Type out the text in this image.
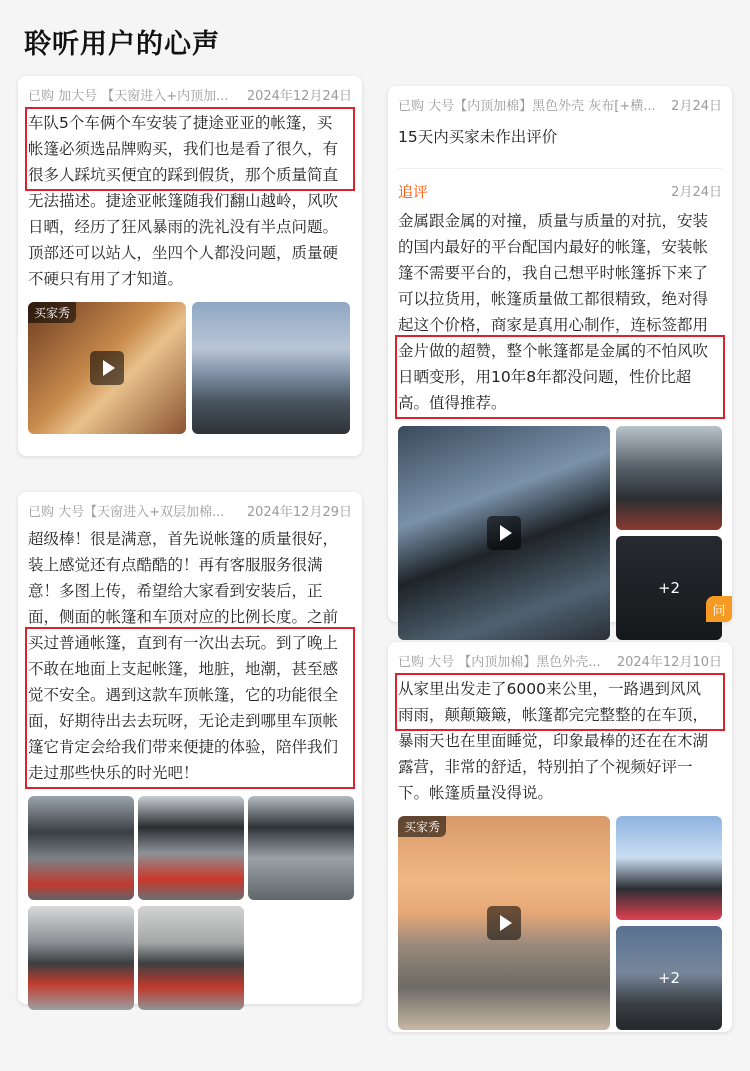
聆听用户的心声
已购 加大号 【天窗进入+内顶加... 2024年12月24日
车队5个车俩个车安装了捷途亚亚的帐篷，买
帐篷必须选品牌购买，我们也是看了很久，有
很多人踩坑买便宜的踩到假货，那个质量简直
无法描述。捷途亚帐篷随我们翻山越岭，风吹
日晒，经历了狂风暴雨的洗礼没有半点问题。
顶部还可以站人，坐四个人都没问题，质量硬
不硬只有用了才知道。
买家秀
已购 大号【内顶加棉】黑色外壳 灰布[+横... 2月24日
15天内买家未作出评价
追评	2月24日
金属跟金属的对撞，质量与质量的对抗，安装
的国内最好的平台配国内最好的帐篷，安装帐
篷不需要平台的，我自己想平时帐篷拆下来了
可以拉货用，帐篷质量做工都很精致，绝对得
起这个价格，商家是真用心制作，连标签都用
金片做的超赞，整个帐篷都是金属的不怕风吹
日晒变形，用10年8年都没问题，性价比超
高。值得推荐。
+2
问
已购 大号【天窗进入+双层加棉... 2024年12月29日
超级棒！很是满意，首先说帐篷的质量很好，
装上感觉还有点酷酷的！再有客服服务很满
意！多图上传，希望给大家看到安装后，正
面，侧面的帐篷和车顶对应的比例长度。之前
买过普通帐篷，直到有一次出去玩。到了晚上
不敢在地面上支起帐篷，地脏，地潮，甚至感
觉不安全。遇到这款车顶帐篷，它的功能很全
面，好期待出去去玩呀，无论走到哪里车顶帐
篷它肯定会给我们带来便捷的体验，陪伴我们
走过那些快乐的时光吧！
已购 大号 【内顶加棉】黑色外壳... 2024年12月10日
从家里出发走了6000来公里，一路遇到风风
雨雨，颠颠簸簸，帐篷都完完整整的在车顶，
暴雨天也在里面睡觉，印象最棒的还在在木湖
露营，非常的舒适，特别拍了个视频好评一
下。帐篷质量没得说。
买家秀
+2
